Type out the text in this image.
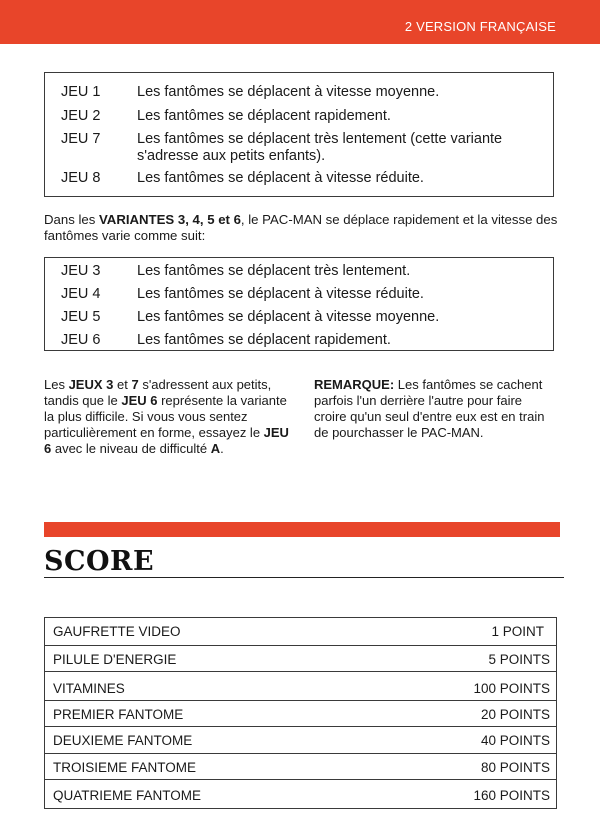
2 VERSION FRANÇAISE
JEU 1	Les fantômes se déplacent à vitesse moyenne.
JEU 2	Les fantômes se déplacent rapidement.
JEU 7	Les fantômes se déplacent très lentement (cette variante s'adresse aux petits enfants).
JEU 8	Les fantômes se déplacent à vitesse réduite.
Dans les VARIANTES 3, 4, 5 et 6, le PAC-MAN se déplace rapidement et la vitesse des fantômes varie comme suit:
JEU 3	Les fantômes se déplacent très lentement.
JEU 4	Les fantômes se déplacent à vitesse réduite.
JEU 5	Les fantômes se déplacent à vitesse moyenne.
JEU 6	Les fantômes se déplacent rapidement.
Les JEUX 3 et 7 s'adressent aux petits, tandis que le JEU 6 représente la variante la plus difficile. Si vous vous sentez particulièrement en forme, essayez le JEU 6 avec le niveau de difficulté A.
REMARQUE: Les fantômes se cachent parfois l'un derrière l'autre pour faire croire qu'un seul d'entre eux est en train de pourchasser le PAC-MAN.
SCORE
GAUFRETTE VIDEO	1 POINT
PILULE D'ENERGIE	5 POINTS
VITAMINES	100 POINTS
PREMIER FANTOME	20 POINTS
DEUXIEME FANTOME	40 POINTS
TROISIEME FANTOME	80 POINTS
QUATRIEME FANTOME	160 POINTS
